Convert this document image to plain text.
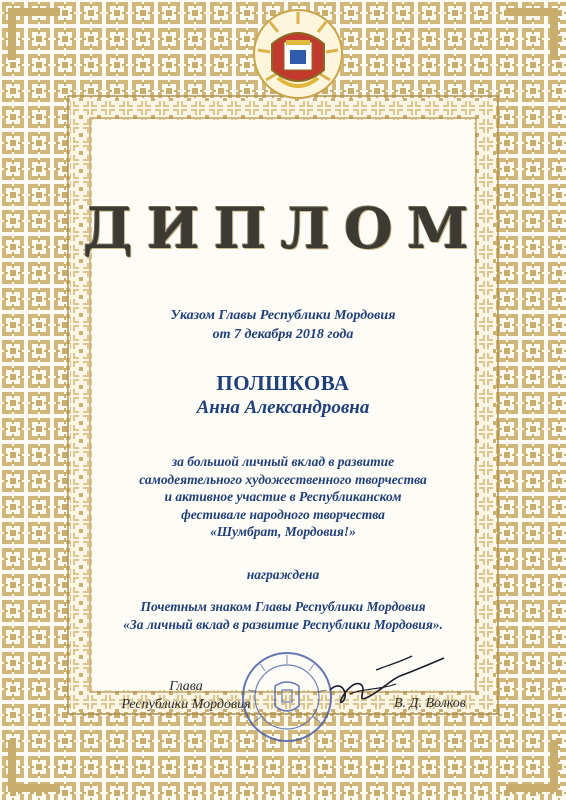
ДИПЛОМ
Указом Главы Республики Мордовия
от 7 декабря 2018 года
ПОЛШКОВА
Анна Александровна
за большой личный вклад в развитие
самодеятельного художественного творчества
и активное участие в Республиканском
фестивале народного творчества
«Шумбрат, Мордовия!»
награждена
Почетным знаком Главы Республики Мордовия
«За личный вклад в развитие Республики Мордовия».
Глава
Республики Мордовия	В. Д. Волков
